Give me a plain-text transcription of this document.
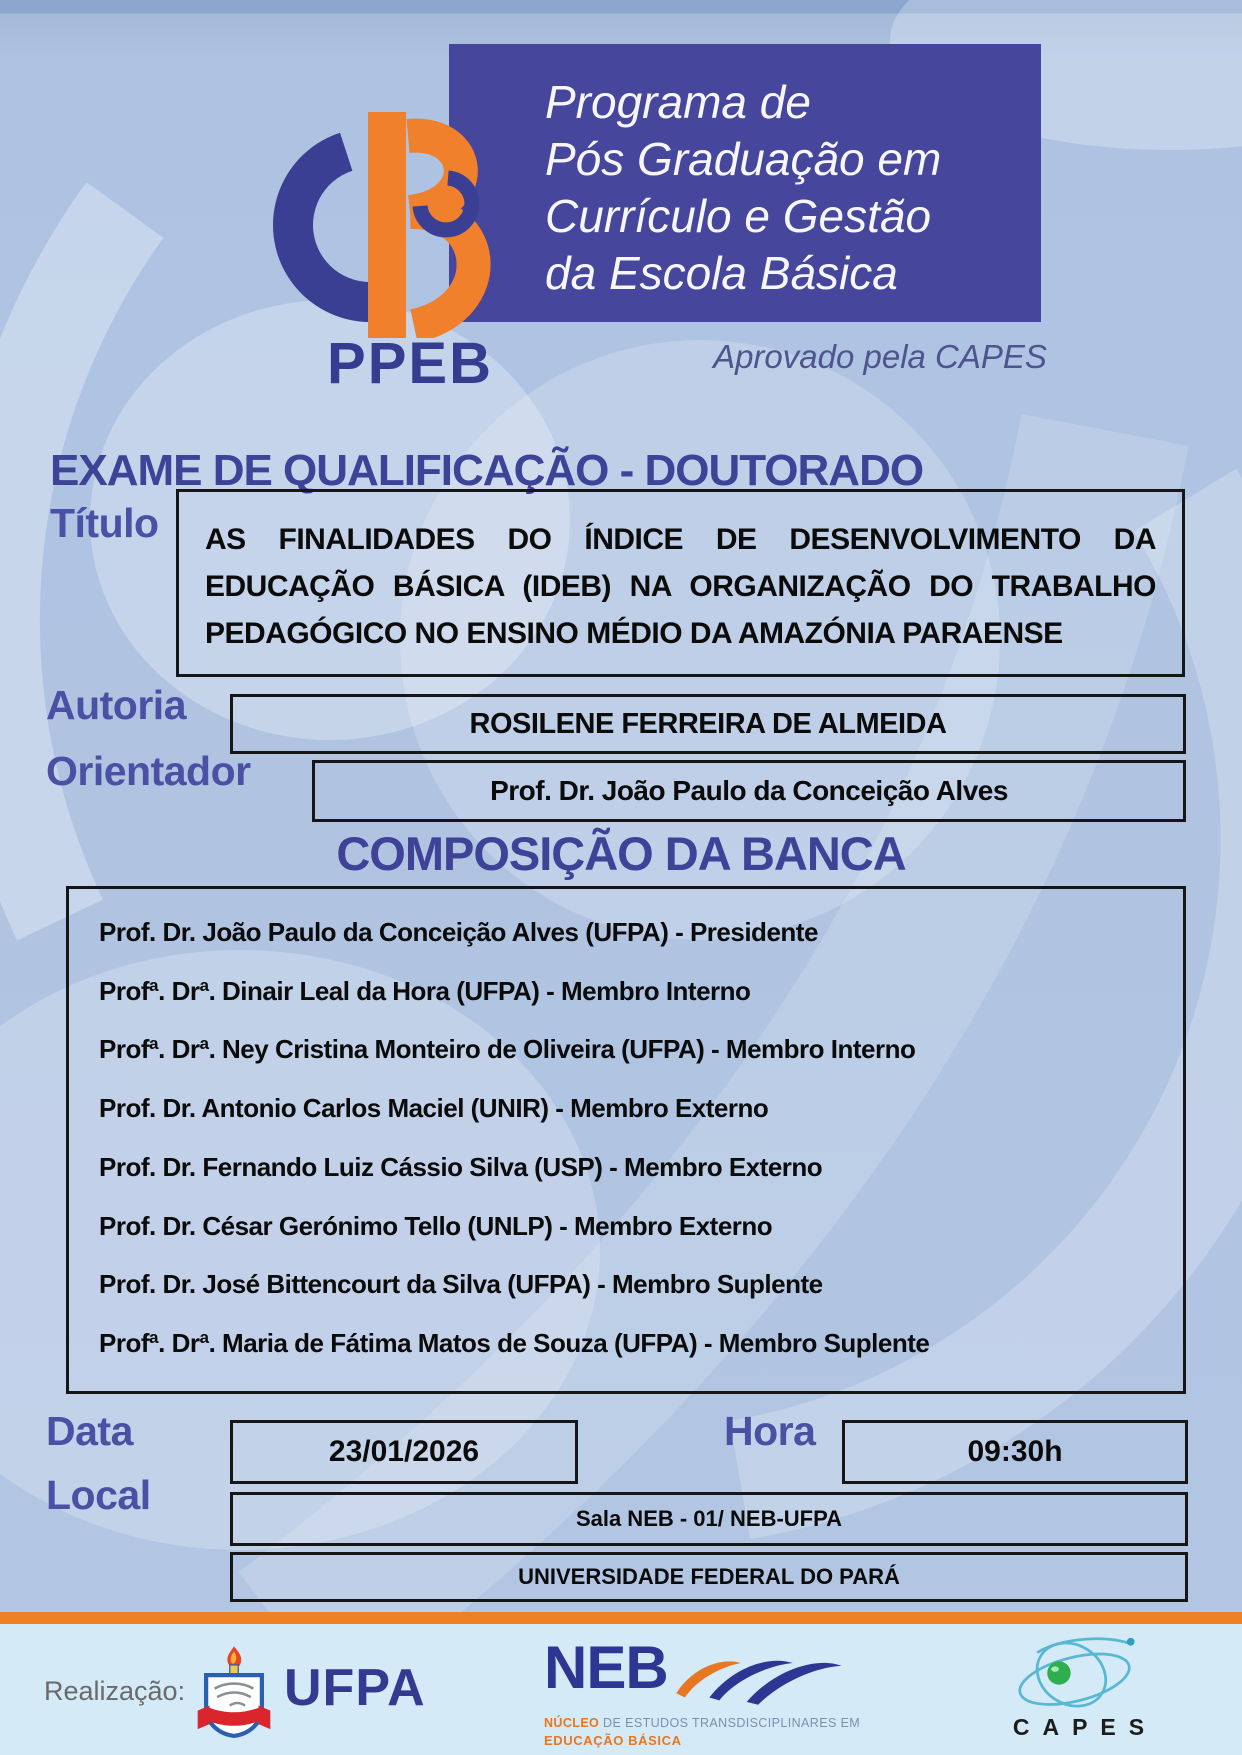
Programa de
Pós Graduação em
Currículo e Gestão
da Escola Básica
PPEB	Aprovado pela CAPES
EXAME DE QUALIFICAÇÃO - DOUTORADO
Título AS FINALIDADES DO ÍNDICE DE DESENVOLVIMENTO DA EDUCAÇÃO BÁSICA (IDEB) NA ORGANIZAÇÃO DO TRABALHO PEDAGÓGICO NO ENSINO MÉDIO DA AMAZÓNIA PARAENSE
Autoria	ROSILENE FERREIRA DE ALMEIDA
Orientador	Prof. Dr. João Paulo da Conceição Alves
COMPOSIÇÃO DA BANCA
Prof. Dr. João Paulo da Conceição Alves (UFPA) - Presidente
Profª. Drª. Dinair Leal da Hora (UFPA) - Membro Interno
Profª. Drª. Ney Cristina Monteiro de Oliveira (UFPA) - Membro Interno
Prof. Dr. Antonio Carlos Maciel (UNIR) - Membro Externo
Prof. Dr. Fernando Luiz Cássio Silva (USP) - Membro Externo
Prof. Dr. César Gerónimo Tello (UNLP) - Membro Externo
Prof. Dr. José Bittencourt da Silva (UFPA) - Membro Suplente
Profª. Drª. Maria de Fátima Matos de Souza (UFPA) - Membro Suplente
Data	23/01/2026	Hora	09:30h
Local
Sala NEB - 01/ NEB-UFPA
UNIVERSIDADE FEDERAL DO PARÁ
Realização: UFPA NEB
NÚCLEO DE ESTUDOS TRANSDISCIPLINARES EM
EDUCAÇÃO BÁSICA
CAPES
